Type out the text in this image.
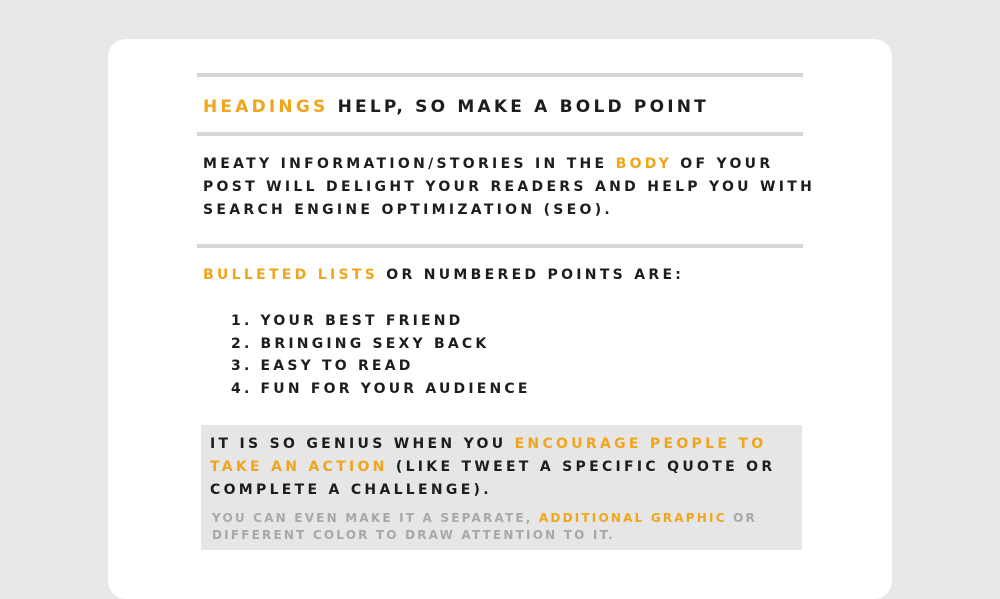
HEADINGS HELP, SO MAKE A BOLD POINT

MEATY INFORMATION/STORIES IN THE BODY OF YOUR

POST WILL DELIGHT YOUR READERS AND HELP YOU WITH

SEARCH ENGINE OPTIMIZATION (SEO).

BULLETED LISTS OR NUMBERED POINTS ARE:

1. YOUR BEST FRIEND

2. BRINGING SEXY BACK

3. EASY TO READ

4. FUN FOR YOUR AUDIENCE

IT IS SO GENIUS WHEN YOU ENCOURAGE PEOPLE TO

TAKE AN ACTION (LIKE TWEET A SPECIFIC QUOTE OR

COMPLETE A CHALLENGE).

YOU CAN EVEN MAKE IT A SEPARATE, ADDITIONAL GRAPHIC OR

DIFFERENT COLOR TO DRAW ATTENTION TO IT.
